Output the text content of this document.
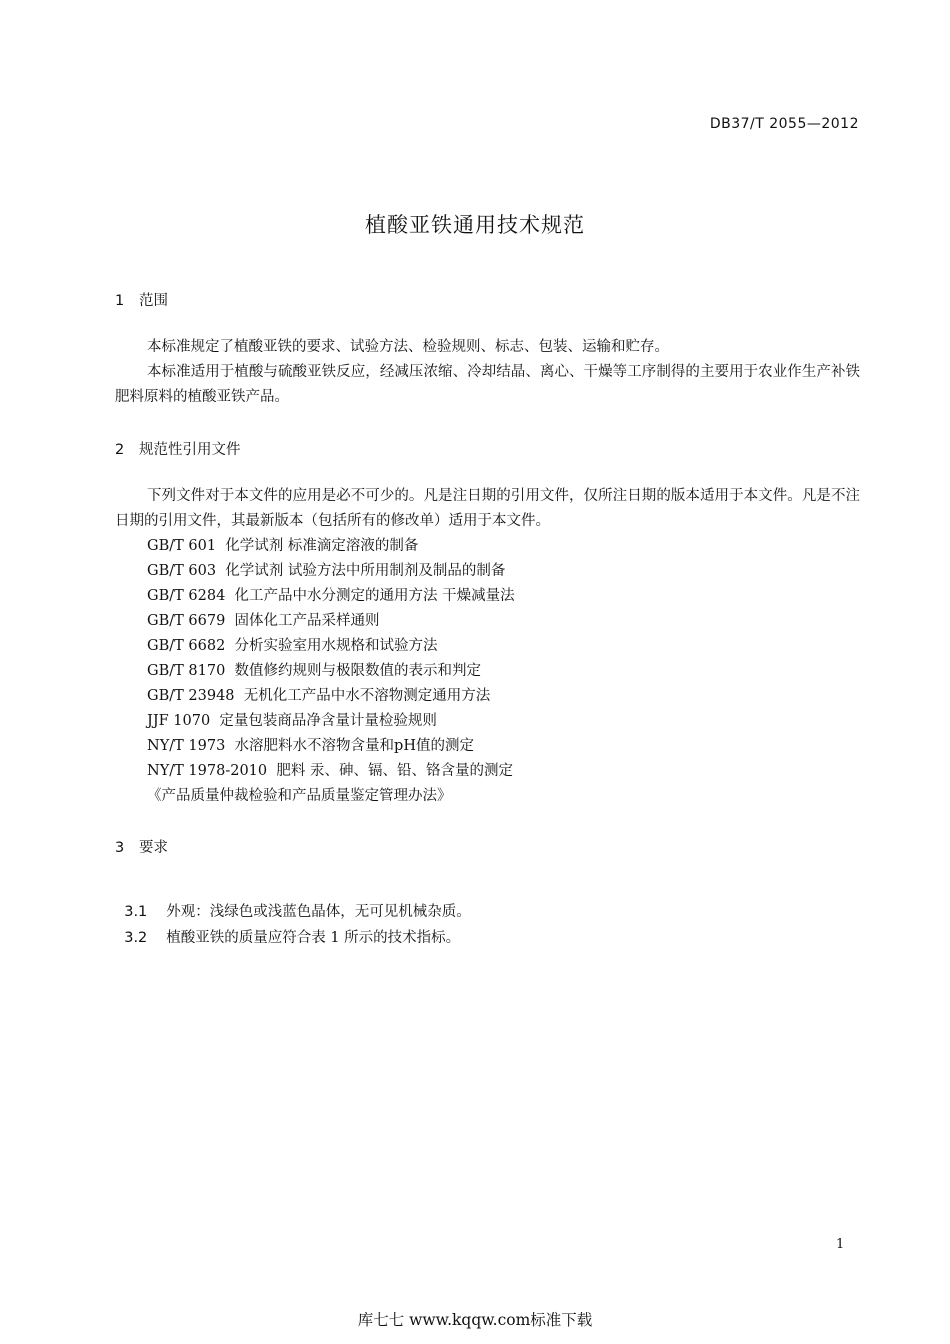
DB37/T 2055—2012
植酸亚铁通用技术规范
1 范围
本标准规定了植酸亚铁的要求、试验方法、检验规则、标志、包装、运输和贮存。
本标准适用于植酸与硫酸亚铁反应，经减压浓缩、冷却结晶、离心、干燥等工序制得的主要用于农业作生产补铁肥料原料的植酸亚铁产品。
2 规范性引用文件
下列文件对于本文件的应用是必不可少的。凡是注日期的引用文件，仅所注日期的版本适用于本文件。凡是不注日期的引用文件，其最新版本（包括所有的修改单）适用于本文件。
GB/T 601  化学试剂 标准滴定溶液的制备
GB/T 603  化学试剂 试验方法中所用制剂及制品的制备
GB/T 6284  化工产品中水分测定的通用方法 干燥减量法
GB/T 6679  固体化工产品采样通则
GB/T 6682  分析实验室用水规格和试验方法
GB/T 8170  数值修约规则与极限数值的表示和判定
GB/T 23948  无机化工产品中水不溶物测定通用方法
JJF 1070  定量包装商品净含量计量检验规则
NY/T 1973  水溶肥料水不溶物含量和pH值的测定
NY/T 1978-2010  肥料 汞、砷、镉、铅、铬含量的测定
《产品质量仲裁检验和产品质量鉴定管理办法》
3 要求

3.1 外观：浅绿色或浅蓝色晶体，无可见机械杂质。

3.2 植酸亚铁的质量应符合表 1 所示的技术指标。

1
库七七 www.kqqw.com标准下载
